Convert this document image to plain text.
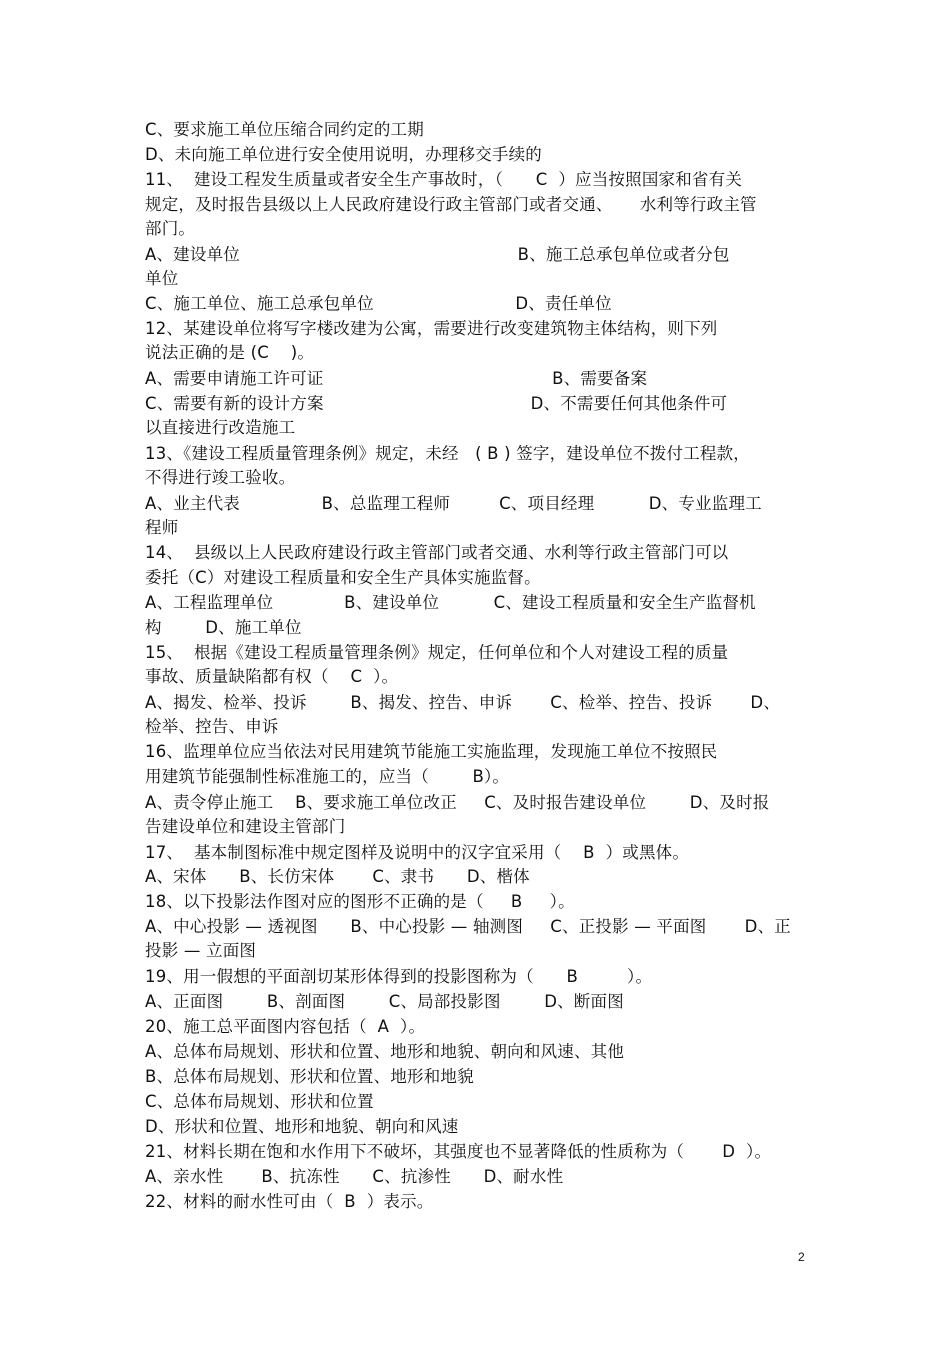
C、要求施工单位压缩合同约定的工期
D、未向施工单位进行安全使用说明，办理移交手续的
11、  建设工程发生质量或者安全生产事故时，（      C  ）应当按照国家和省有关
规定，及时报告县级以上人民政府建设行政主管部门或者交通、     水利等行政主管
部门。
A、建设单位                                                   B、施工总承包单位或者分包
单位
C、施工单位、施工总承包单位                          D、责任单位
12、某建设单位将写字楼改建为公寓，需要进行改变建筑物主体结构，则下列
说法正确的是 (C    )。
A、需要申请施工许可证                                          B、需要备案
C、需要有新的设计方案                                      D、不需要任何其他条件可
以直接进行改造施工
13、《建设工程质量管理条例》规定，未经   ( B ) 签字，建设单位不拨付工程款，
不得进行竣工验收。
A、业主代表               B、总监理工程师         C、项目经理          D、专业监理工
程师
14、  县级以上人民政府建设行政主管部门或者交通、水利等行政主管部门可以
委托（C）对建设工程质量和安全生产具体实施监督。
A、工程监理单位             B、建设单位          C、建设工程质量和安全生产监督机
构        D、施工单位
15、  根据《建设工程质量管理条例》规定，任何单位和个人对建设工程的质量
事故、质量缺陷都有权（    C  ）。
A、揭发、检举、投诉        B、揭发、控告、申诉       C、检举、控告、投诉       D、
检举、控告、申诉
16、监理单位应当依法对民用建筑节能施工实施监理，发现施工单位不按照民
用建筑节能强制性标准施工的，应当（        B）。
A、责令停止施工    B、要求施工单位改正     C、及时报告建设单位        D、及时报
告建设单位和建设主管部门
17、  基本制图标准中规定图样及说明中的汉字宜采用（    B  ）或黑体。
A、宋体      B、长仿宋体       C、隶书      D、楷体
18、以下投影法作图对应的图形不正确的是（     B     ）。
A、中心投影 — 透视图      B、中心投影 — 轴测图     C、正投影 — 平面图       D、正
投影 — 立面图
19、用一假想的平面剖切某形体得到的投影图称为（      B         ）。
A、正面图        B、剖面图        C、局部投影图        D、断面图
20、施工总平面图内容包括（  A  ）。
A、总体布局规划、形状和位置、地形和地貌、朝向和风速、其他
B、总体布局规划、形状和位置、地形和地貌
C、总体布局规划、形状和位置
D、形状和位置、地形和地貌、朝向和风速
21、材料长期在饱和水作用下不破坏，其强度也不显著降低的性质称为（       D  ）。
A、亲水性       B、抗冻性      C、抗渗性      D、耐水性
22、材料的耐水性可由（  B  ）表示。
2
